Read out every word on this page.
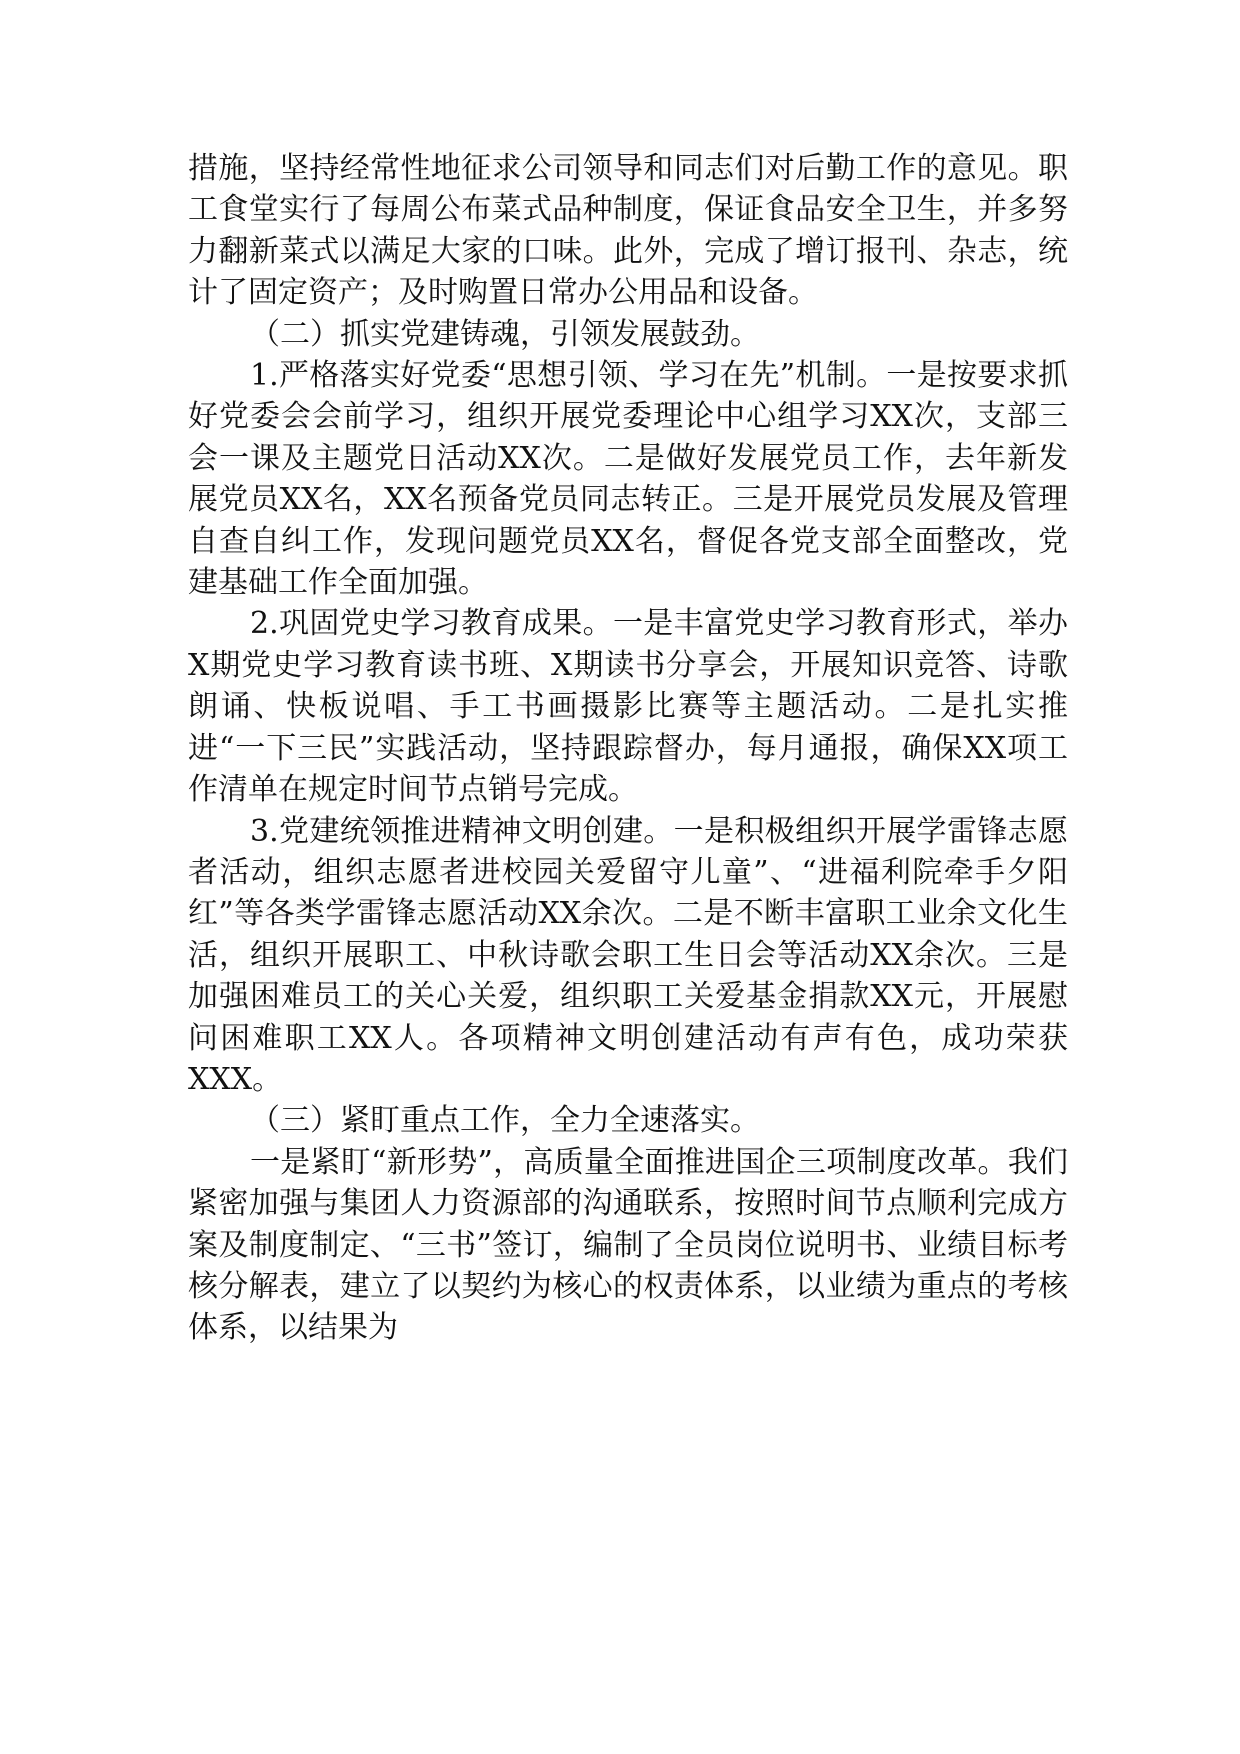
措施，坚持经常性地征求公司领导和同志们对后勤工作的意见。职工食堂实行了每周公布菜式品种制度，保证食品安全卫生，并多努力翻新菜式以满足大家的口味。此外，完成了增订报刊、杂志，统计了固定资产；及时购置日常办公用品和设备。

（二）抓实党建铸魂，引领发展鼓劲。

1.严格落实好党委“思想引领、学习在先”机制。一是按要求抓好党委会会前学习，组织开展党委理论中心组学习XX次，支部三会一课及主题党日活动XX次。二是做好发展党员工作，去年新发展党员XX名，XX名预备党员同志转正。三是开展党员发展及管理自查自纠工作，发现问题党员XX名，督促各党支部全面整改，党建基础工作全面加强。

2.巩固党史学习教育成果。一是丰富党史学习教育形式，举办X期党史学习教育读书班、X期读书分享会，开展知识竞答、诗歌朗诵、快板说唱、手工书画摄影比赛等主题活动。二是扎实推进“一下三民”实践活动，坚持跟踪督办，每月通报，确保XX项工作清单在规定时间节点销号完成。

3.党建统领推进精神文明创建。一是积极组织开展学雷锋志愿者活动，组织志愿者进校园关爱留守儿童”、“进福利院牵手夕阳红”等各类学雷锋志愿活动XX余次。二是不断丰富职工业余文化生活，组织开展职工、中秋诗歌会职工生日会等活动XX余次。三是加强困难员工的关心关爱，组织职工关爱基金捐款XX元，开展慰问困难职工XX人。各项精神文明创建活动有声有色，成功荣获XXX。

（三）紧盯重点工作，全力全速落实。

一是紧盯“新形势”，高质量全面推进国企三项制度改革。我们紧密加强与集团人力资源部的沟通联系，按照时间节点顺利完成方案及制度制定、“三书”签订，编制了全员岗位说明书、业绩目标考核分解表，建立了以契约为核心的权责体系，以业绩为重点的考核体系，以结果为
